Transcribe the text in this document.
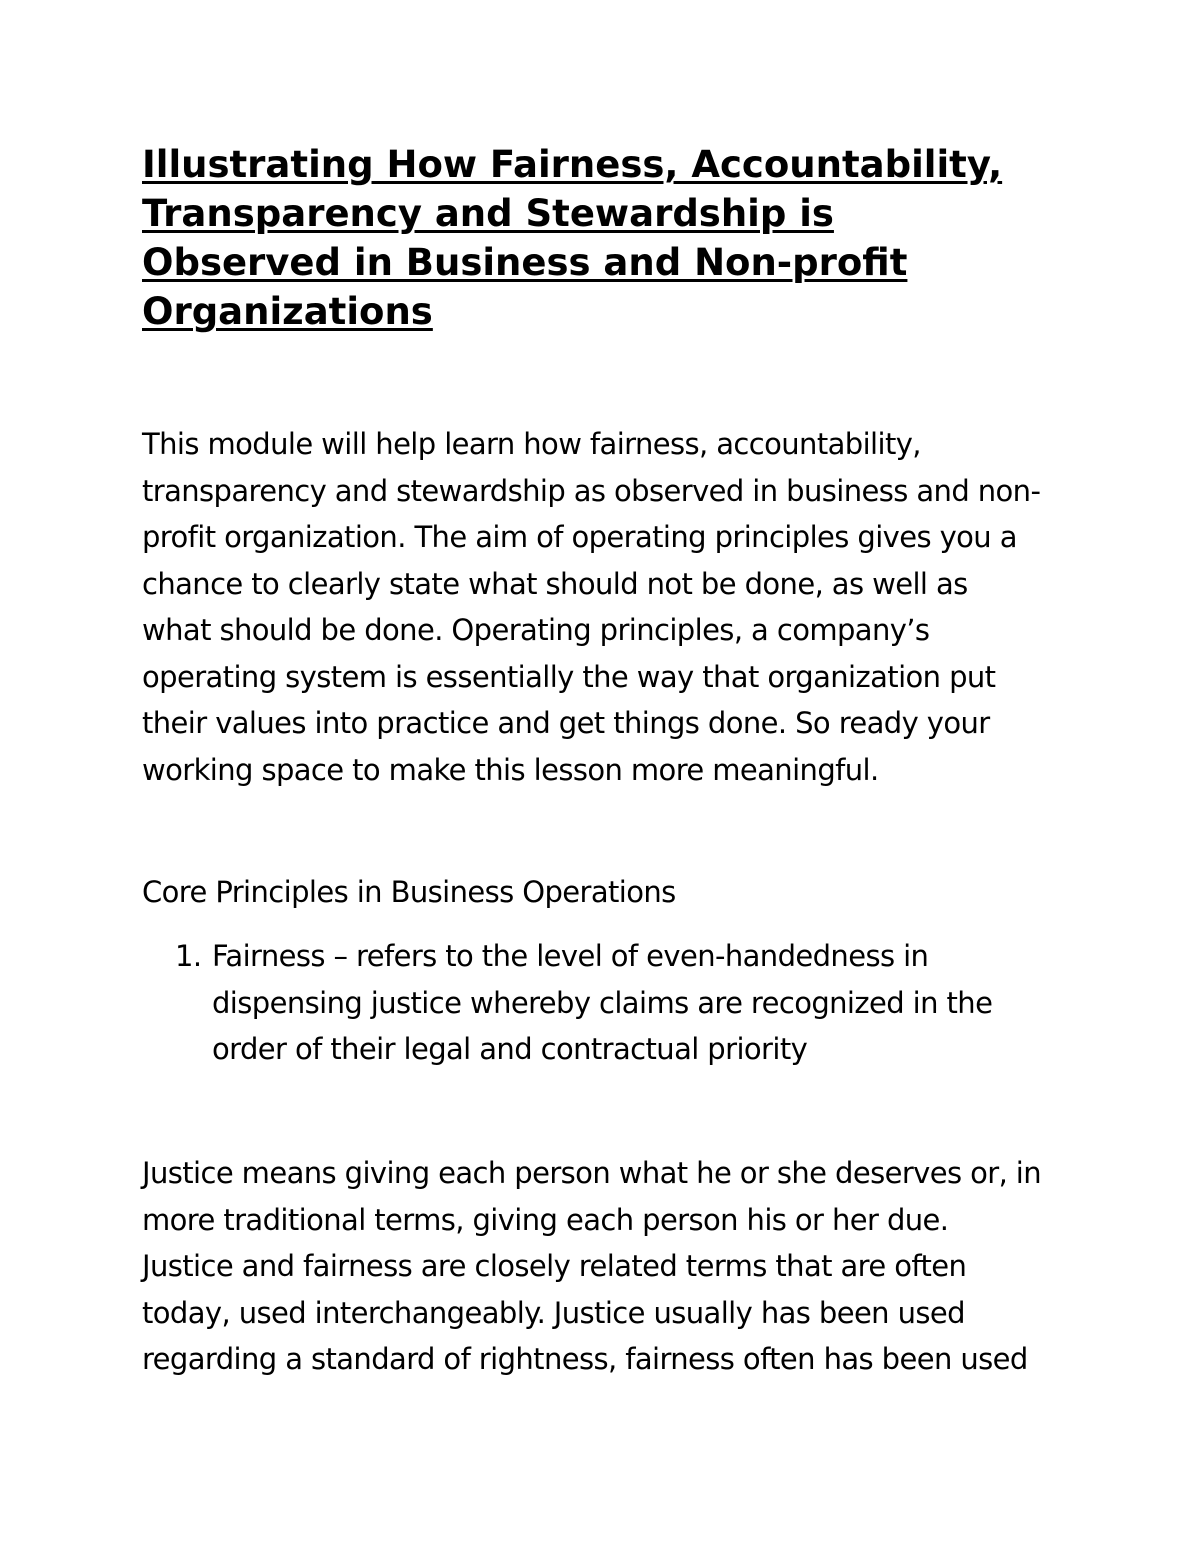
Illustrating How Fairness, Accountability,
Transparency and Stewardship is
Observed in Business and Non-profit
Organizations

This module will help learn how fairness, accountability,
transparency and stewardship as observed in business and non-
profit organization. The aim of operating principles gives you a
chance to clearly state what should not be done, as well as
what should be done. Operating principles, a company’s
operating system is essentially the way that organization put
their values into practice and get things done. So ready your
working space to make this lesson more meaningful.

Core Principles in Business Operations

1. Fairness – refers to the level of even-handedness in
dispensing justice whereby claims are recognized in the
order of their legal and contractual priority

Justice means giving each person what he or she deserves or, in
more traditional terms, giving each person his or her due.
Justice and fairness are closely related terms that are often
today, used interchangeably. Justice usually has been used
regarding a standard of rightness, fairness often has been used
